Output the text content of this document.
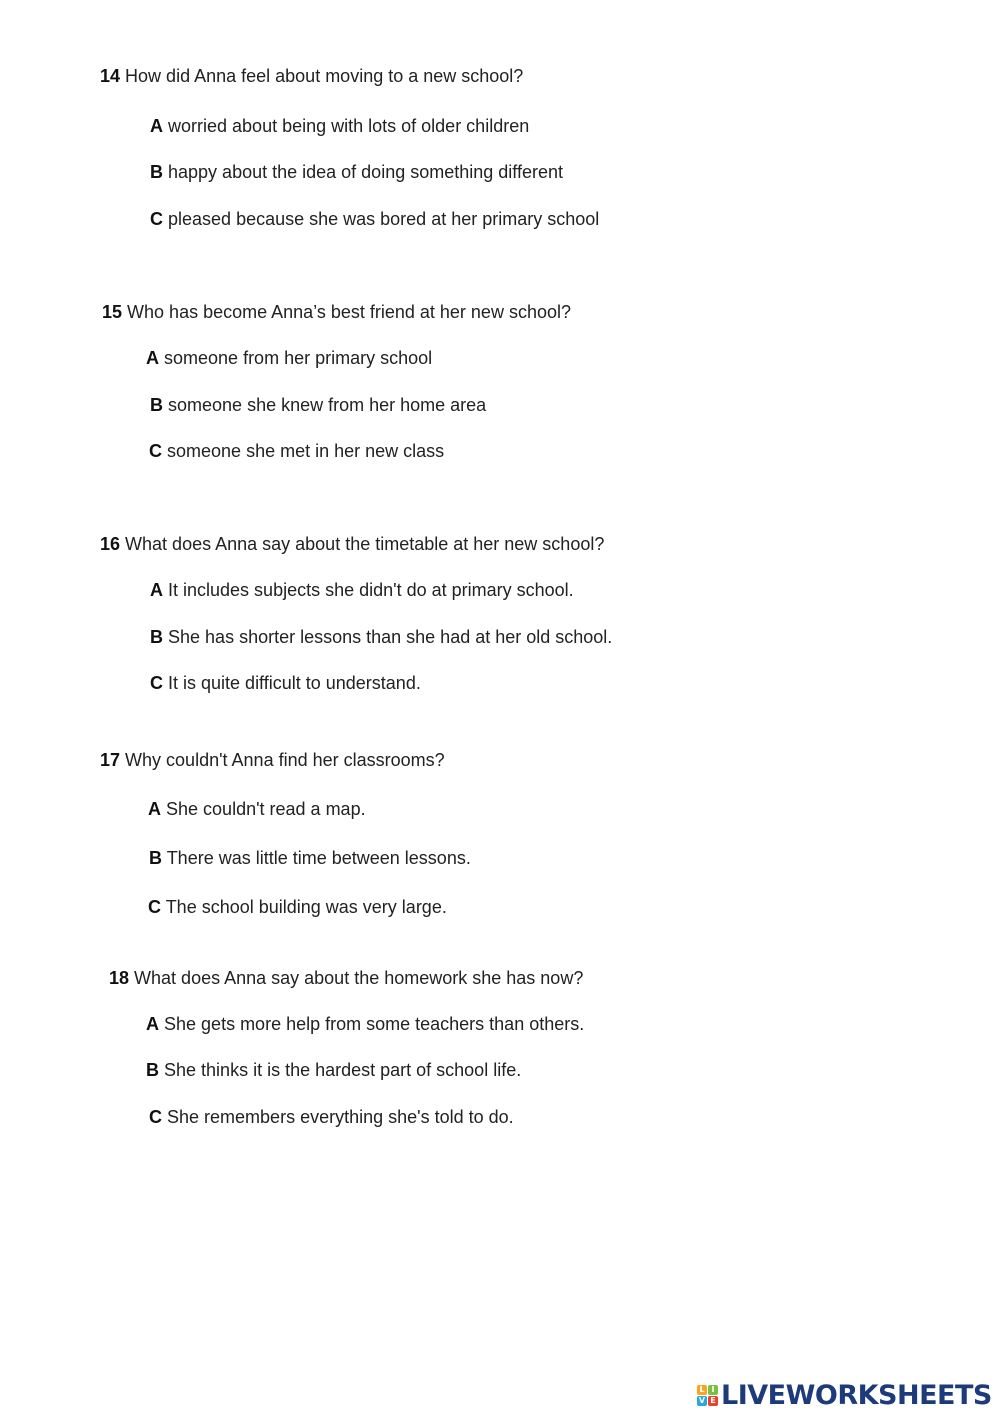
14 How did Anna feel about moving to a new school?
A worried about being with lots of older children
B happy about the idea of doing something different
C pleased because she was bored at her primary school
15 Who has become Anna’s best friend at her new school?
A someone from her primary school
B someone she knew from her home area
C someone she met in her new class
16 What does Anna say about the timetable at her new school?
A It includes subjects she didn't do at primary school.
B She has shorter lessons than she had at her old school.
C It is quite difficult to understand.
17 Why couldn't Anna find her classrooms?
A She couldn't read a map.
B There was little time between lessons.
C The school building was very large.
18 What does Anna say about the homework she has now?
A She gets more help from some teachers than others.
B She thinks it is the hardest part of school life.
C She remembers everything she's told to do.
L I
V E LIVEWORKSHEETS
